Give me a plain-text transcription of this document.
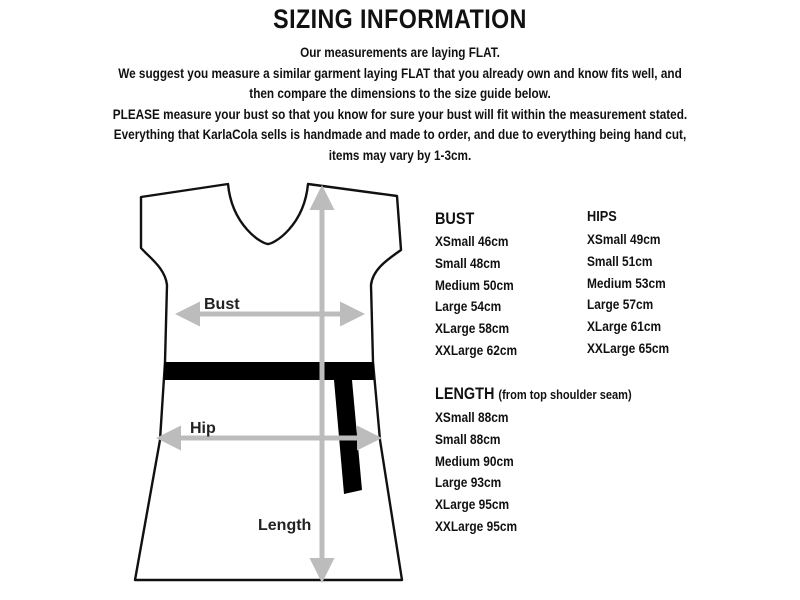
SIZING INFORMATION
Our measurements are laying FLAT.
We suggest you measure a similar garment laying FLAT that you already own and know fits well, and
then compare the dimensions to the size guide below.
PLEASE measure your bust so that you know for sure your bust will fit within the measurement stated.
Everything that KarlaCola sells is handmade and made to order, and due to everything being hand cut,
items may vary by 1-3cm.
Bust
Hip
Length
BUST
XSmall 46cm
Small 48cm
Medium 50cm
Large 54cm
XLarge 58cm
XXLarge 62cm
HIPS
XSmall 49cm
Small 51cm
Medium 53cm
Large 57cm
XLarge 61cm
XXLarge 65cm
LENGTH (from top shoulder seam)
XSmall 88cm
Small 88cm
Medium 90cm
Large 93cm
XLarge 95cm
XXLarge 95cm
